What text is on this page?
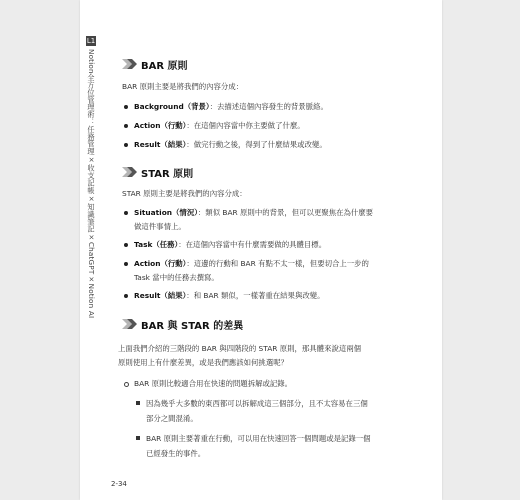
L1
Notion全方位管理術：任務管理×收支記帳×知識筆記×ChatGPT×Notion AI	BAR 原則

BAR 原則主要是將我們的內容分成：

Background（背景）：去描述這個內容發生的背景脈絡。
Action（行動）：在這個內容當中你主要做了什麼。
Result（結果）：做完行動之後，得到了什麼結果或改變。
STAR 原則

STAR 原則主要是將我們的內容分成：

Situation（情況）：類似 BAR 原則中的背景，但可以更聚焦在為什麼要
做這件事情上。
Task（任務）：在這個內容當中有什麼需要做的具體目標。
Action（行動）：這邊的行動和 BAR 有點不太一樣，但要切合上一步的
Task 當中的任務去撰寫。
Result（結果）：和 BAR 類似，一樣著重在結果與改變。
BAR 與 STAR 的差異

上面我們介紹的三階段的 BAR 與四階段的 STAR 原則，那具體來說這兩個

原則使用上有什麼差異，或是我們應該如何挑選呢？

BAR 原則比較適合用在快速的問題拆解或記錄。
因為幾乎大多數的東西都可以拆解成這三個部分，且不太容易在三個
部分之間混淆。
BAR 原則主要著重在行動，可以用在快速回答一個問題或是記錄一個
已經發生的事件。
2-34
